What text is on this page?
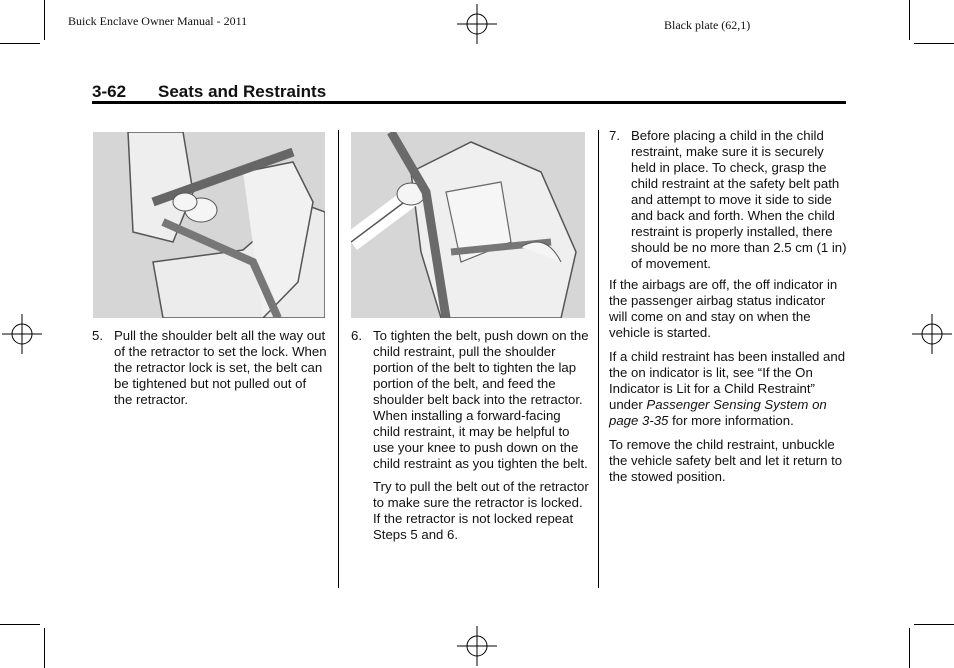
Buick Enclave Owner Manual - 2011	Black plate (62,1)
3-62 Seats and Restraints
5. Pull the shoulder belt all the way out of the retractor to set the lock. When the retractor lock is set, the belt can be tightened but not pulled out of the retractor.
6. To tighten the belt, push down on the child restraint, pull the shoulder portion of the belt to tighten the lap portion of the belt, and feed the shoulder belt back into the retractor. When installing a forward-facing child restraint, it may be helpful to use your knee to push down on the child restraint as you tighten the belt.
Try to pull the belt out of the retractor to make sure the retractor is locked. If the retractor is not locked repeat Steps 5 and 6.
7. Before placing a child in the child restraint, make sure it is securely held in place. To check, grasp the child restraint at the safety belt path and attempt to move it side to side and back and forth. When the child restraint is properly installed, there should be no more than 2.5 cm (1 in) of movement.

If the airbags are off, the off indicator in the passenger airbag status indicator will come on and stay on when the vehicle is started.

If a child restraint has been installed and the on indicator is lit, see “If the On Indicator is Lit for a Child Restraint” under Passenger Sensing System on page 3-35 for more information.

To remove the child restraint, unbuckle the vehicle safety belt and let it return to the stowed position.
